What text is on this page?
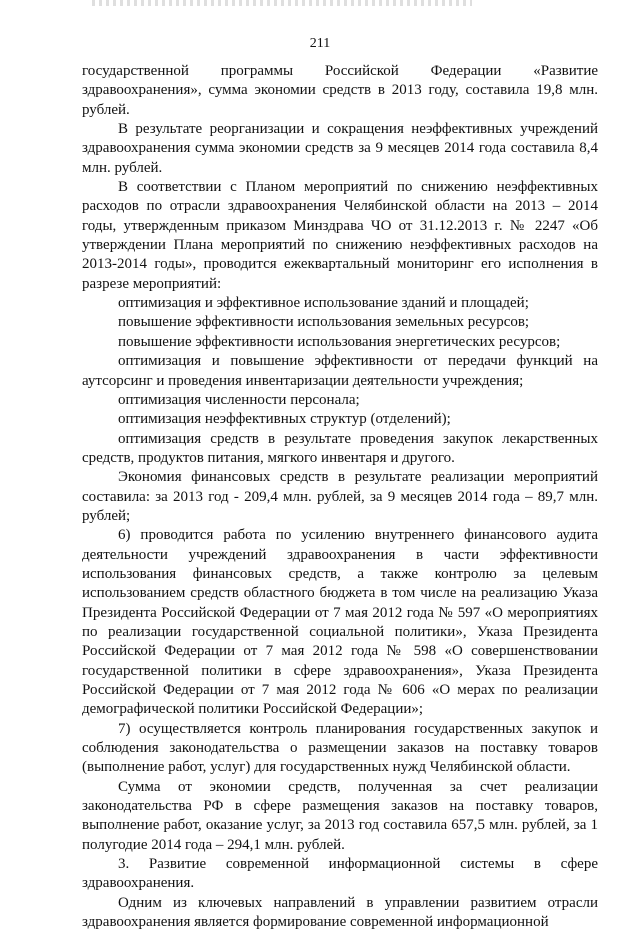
211

государственной программы Российской Федерации «Развитие здравоохранения», сумма экономии средств в 2013 году, составила 19,8 млн. рублей.

В результате реорганизации и сокращения неэффективных учреждений здравоохранения сумма экономии средств за 9 месяцев 2014 года составила 8,4 млн. рублей.

В соответствии с Планом мероприятий по снижению неэффективных расходов по отрасли здравоохранения Челябинской области на 2013 – 2014 годы, утвержденным приказом Минздрава ЧО от 31.12.2013 г. № 2247 «Об утверждении Плана мероприятий по снижению неэффективных расходов на 2013-2014 годы», проводится ежеквартальный мониторинг его исполнения в разрезе мероприятий:

оптимизация и эффективное использование зданий и площадей;

повышение эффективности использования земельных ресурсов;

повышение эффективности использования энергетических ресурсов;

оптимизация и повышение эффективности от передачи функций на аутсорсинг и проведения инвентаризации деятельности учреждения;

оптимизация численности персонала;

оптимизация неэффективных структур (отделений);

оптимизация средств в результате проведения закупок лекарственных средств, продуктов питания, мягкого инвентаря и другого.

Экономия финансовых средств в результате реализации мероприятий составила: за 2013 год - 209,4 млн. рублей, за 9 месяцев 2014 года – 89,7 млн. рублей;

6) проводится работа по усилению внутреннего финансового аудита деятельности учреждений здравоохранения в части эффективности использования финансовых средств, а также контролю за целевым использованием средств областного бюджета в том числе на реализацию Указа Президента Российской Федерации от 7 мая 2012 года № 597 «О мероприятиях по реализации государственной социальной политики», Указа Президента Российской Федерации от 7 мая 2012 года № 598 «О совершенствовании государственной политики в сфере здравоохранения», Указа Президента Российской Федерации от 7 мая 2012 года № 606 «О мерах по реализации демографической политики Российской Федерации»;

7) осуществляется контроль планирования государственных закупок и соблюдения законодательства о размещении заказов на поставку товаров (выполнение работ, услуг) для государственных нужд Челябинской области.

Сумма от экономии средств, полученная за счет реализации законодательства РФ в сфере размещения заказов на поставку товаров, выполнение работ, оказание услуг, за 2013 год составила 657,5 млн. рублей, за 1 полугодие 2014 года – 294,1 млн. рублей.

3. Развитие современной информационной системы в сфере здравоохранения.

Одним из ключевых направлений в управлении развитием отрасли здравоохранения является формирование современной информационной
